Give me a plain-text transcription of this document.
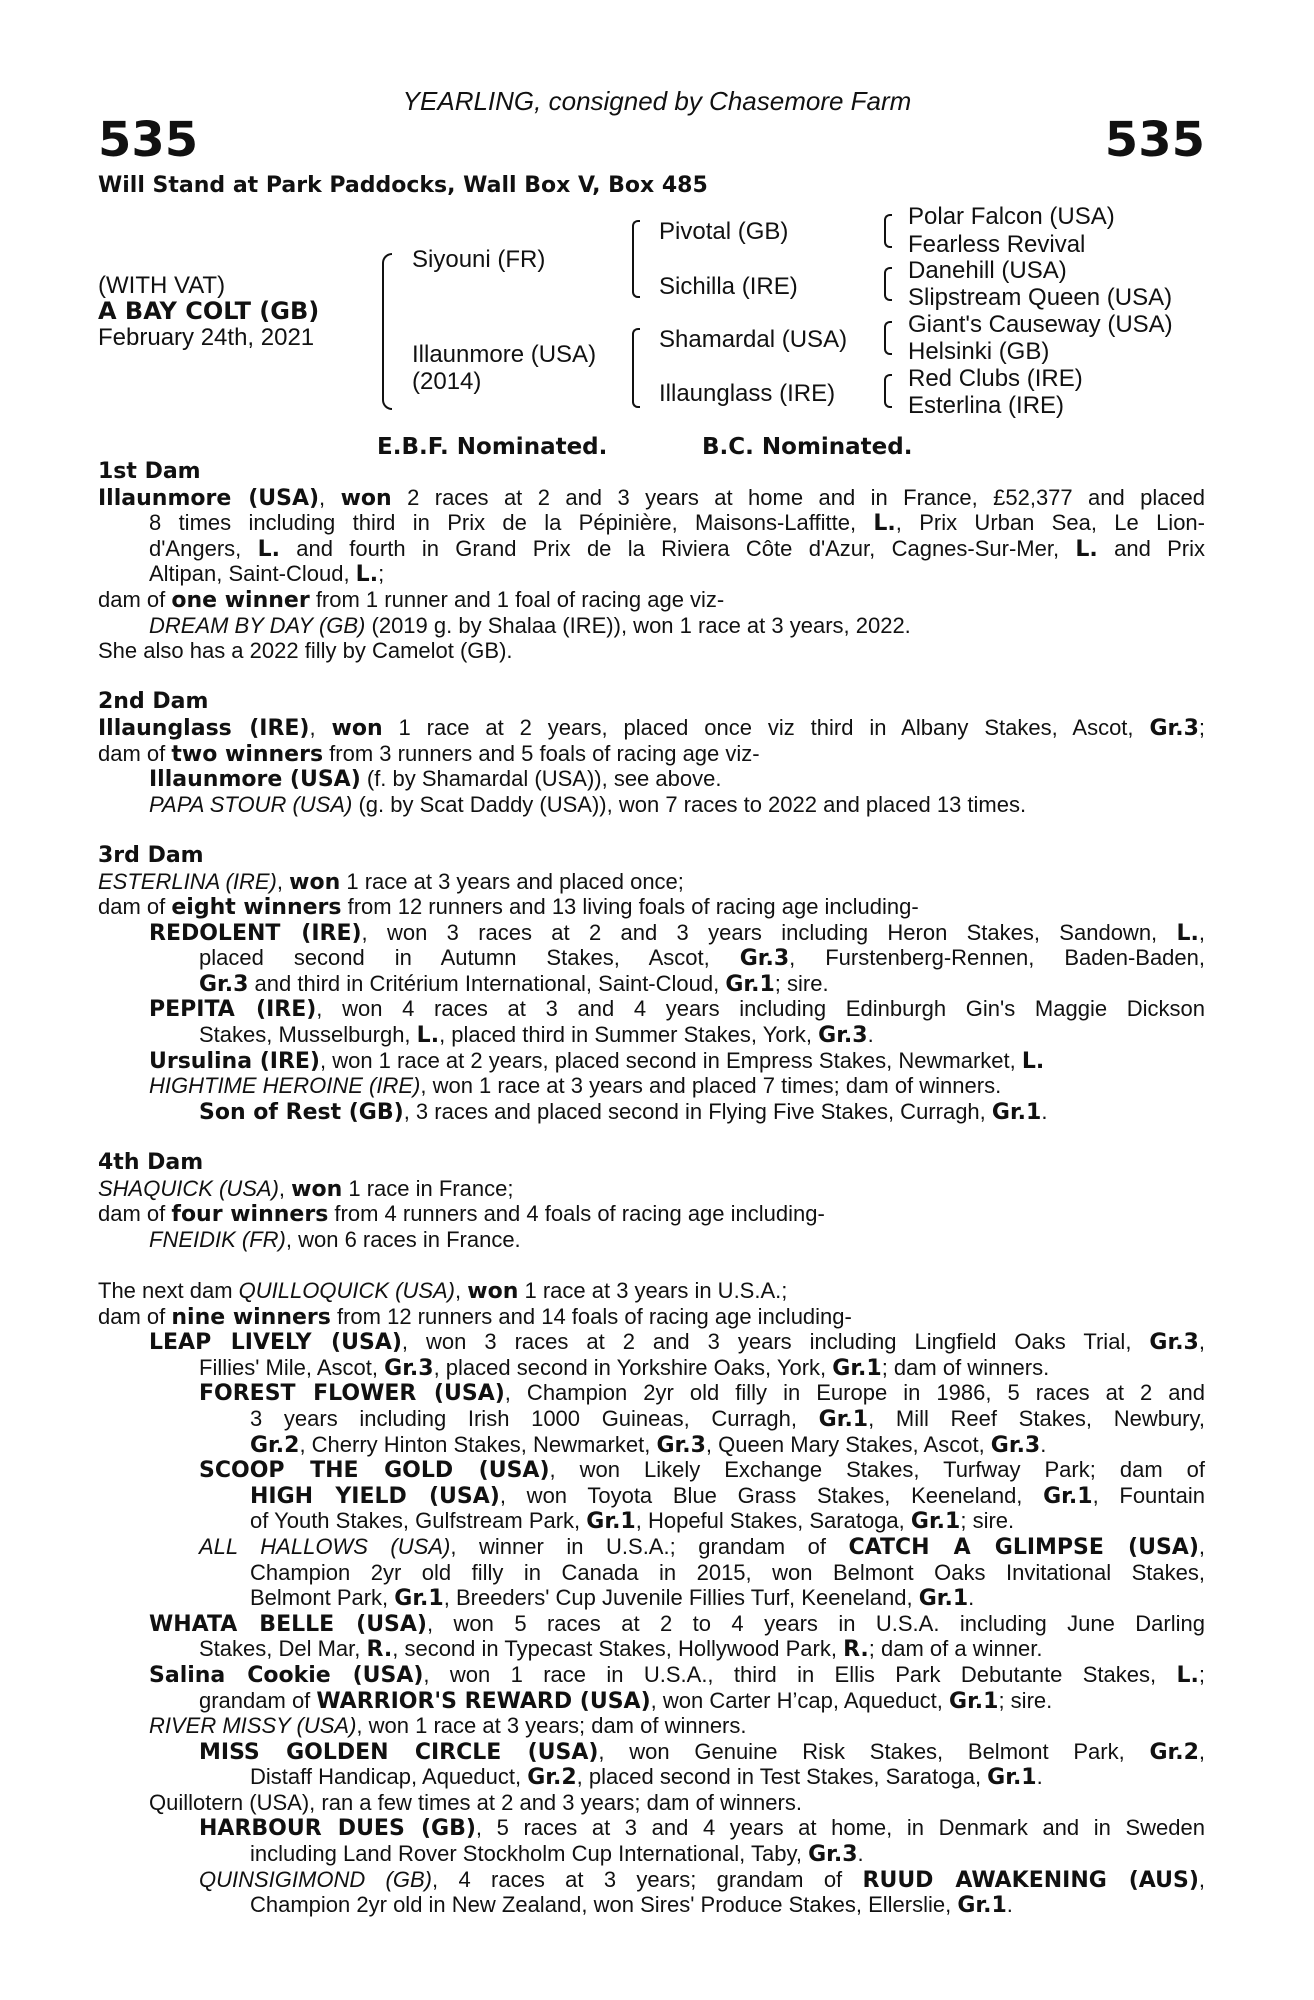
YEARLING, consigned by Chasemore Farm
535	535
Will Stand at Park Paddocks, Wall Box V, Box 485
(WITH VAT)
A BAY COLT (GB)
February 24th, 2021
Siyouni (FR)
Illaunmore (USA)
(2014)
Pivotal (GB)
Sichilla (IRE)
Shamardal (USA)
Illaunglass (IRE)
Polar Falcon (USA)
Fearless Revival
Danehill (USA)
Slipstream Queen (USA)
Giant's Causeway (USA)
Helsinki (GB)
Red Clubs (IRE)
Esterlina (IRE)
E.B.F. Nominated.	B.C. Nominated.
1st Dam
Illaunmore (USA), won 2 races at 2 and 3 years at home and in France, £52,377 and placed
8 times including third in Prix de la Pépinière, Maisons-Laffitte, L., Prix Urban Sea, Le Lion-
d'Angers, L. and fourth in Grand Prix de la Riviera Côte d'Azur, Cagnes-Sur-Mer, L. and Prix
Altipan, Saint-Cloud, L.;
dam of one winner from 1 runner and 1 foal of racing age viz-
DREAM BY DAY (GB) (2019 g. by Shalaa (IRE)), won 1 race at 3 years, 2022.
She also has a 2022 filly by Camelot (GB).
2nd Dam
Illaunglass (IRE), won 1 race at 2 years, placed once viz third in Albany Stakes, Ascot, Gr.3;
dam of two winners from 3 runners and 5 foals of racing age viz-
Illaunmore (USA) (f. by Shamardal (USA)), see above.
PAPA STOUR (USA) (g. by Scat Daddy (USA)), won 7 races to 2022 and placed 13 times.
3rd Dam
ESTERLINA (IRE), won 1 race at 3 years and placed once;
dam of eight winners from 12 runners and 13 living foals of racing age including-
REDOLENT (IRE), won 3 races at 2 and 3 years including Heron Stakes, Sandown, L.,
placed second in Autumn Stakes, Ascot, Gr.3, Furstenberg-Rennen, Baden-Baden,
Gr.3 and third in Critérium International, Saint-Cloud, Gr.1; sire.
PEPITA (IRE), won 4 races at 3 and 4 years including Edinburgh Gin's Maggie Dickson
Stakes, Musselburgh, L., placed third in Summer Stakes, York, Gr.3.
Ursulina (IRE), won 1 race at 2 years, placed second in Empress Stakes, Newmarket, L.
HIGHTIME HEROINE (IRE), won 1 race at 3 years and placed 7 times; dam of winners.
Son of Rest (GB), 3 races and placed second in Flying Five Stakes, Curragh, Gr.1.
4th Dam
SHAQUICK (USA), won 1 race in France;
dam of four winners from 4 runners and 4 foals of racing age including-
FNEIDIK (FR), won 6 races in France.
The next dam QUILLOQUICK (USA), won 1 race at 3 years in U.S.A.;
dam of nine winners from 12 runners and 14 foals of racing age including-
LEAP LIVELY (USA), won 3 races at 2 and 3 years including Lingfield Oaks Trial, Gr.3,
Fillies' Mile, Ascot, Gr.3, placed second in Yorkshire Oaks, York, Gr.1; dam of winners.
FOREST FLOWER (USA), Champion 2yr old filly in Europe in 1986, 5 races at 2 and
3 years including Irish 1000 Guineas, Curragh, Gr.1, Mill Reef Stakes, Newbury,
Gr.2, Cherry Hinton Stakes, Newmarket, Gr.3, Queen Mary Stakes, Ascot, Gr.3.
SCOOP THE GOLD (USA), won Likely Exchange Stakes, Turfway Park; dam of
HIGH YIELD (USA), won Toyota Blue Grass Stakes, Keeneland, Gr.1, Fountain
of Youth Stakes, Gulfstream Park, Gr.1, Hopeful Stakes, Saratoga, Gr.1; sire.
ALL HALLOWS (USA), winner in U.S.A.; grandam of CATCH A GLIMPSE (USA),
Champion 2yr old filly in Canada in 2015, won Belmont Oaks Invitational Stakes,
Belmont Park, Gr.1, Breeders' Cup Juvenile Fillies Turf, Keeneland, Gr.1.
WHATA BELLE (USA), won 5 races at 2 to 4 years in U.S.A. including June Darling
Stakes, Del Mar, R., second in Typecast Stakes, Hollywood Park, R.; dam of a winner.
Salina Cookie (USA), won 1 race in U.S.A., third in Ellis Park Debutante Stakes, L.;
grandam of WARRIOR'S REWARD (USA), won Carter H’cap, Aqueduct, Gr.1; sire.
RIVER MISSY (USA), won 1 race at 3 years; dam of winners.
MISS GOLDEN CIRCLE (USA), won Genuine Risk Stakes, Belmont Park, Gr.2,
Distaff Handicap, Aqueduct, Gr.2, placed second in Test Stakes, Saratoga, Gr.1.
Quillotern (USA), ran a few times at 2 and 3 years; dam of winners.
HARBOUR DUES (GB), 5 races at 3 and 4 years at home, in Denmark and in Sweden
including Land Rover Stockholm Cup International, Taby, Gr.3.
QUINSIGIMOND (GB), 4 races at 3 years; grandam of RUUD AWAKENING (AUS),
Champion 2yr old in New Zealand, won Sires' Produce Stakes, Ellerslie, Gr.1.
